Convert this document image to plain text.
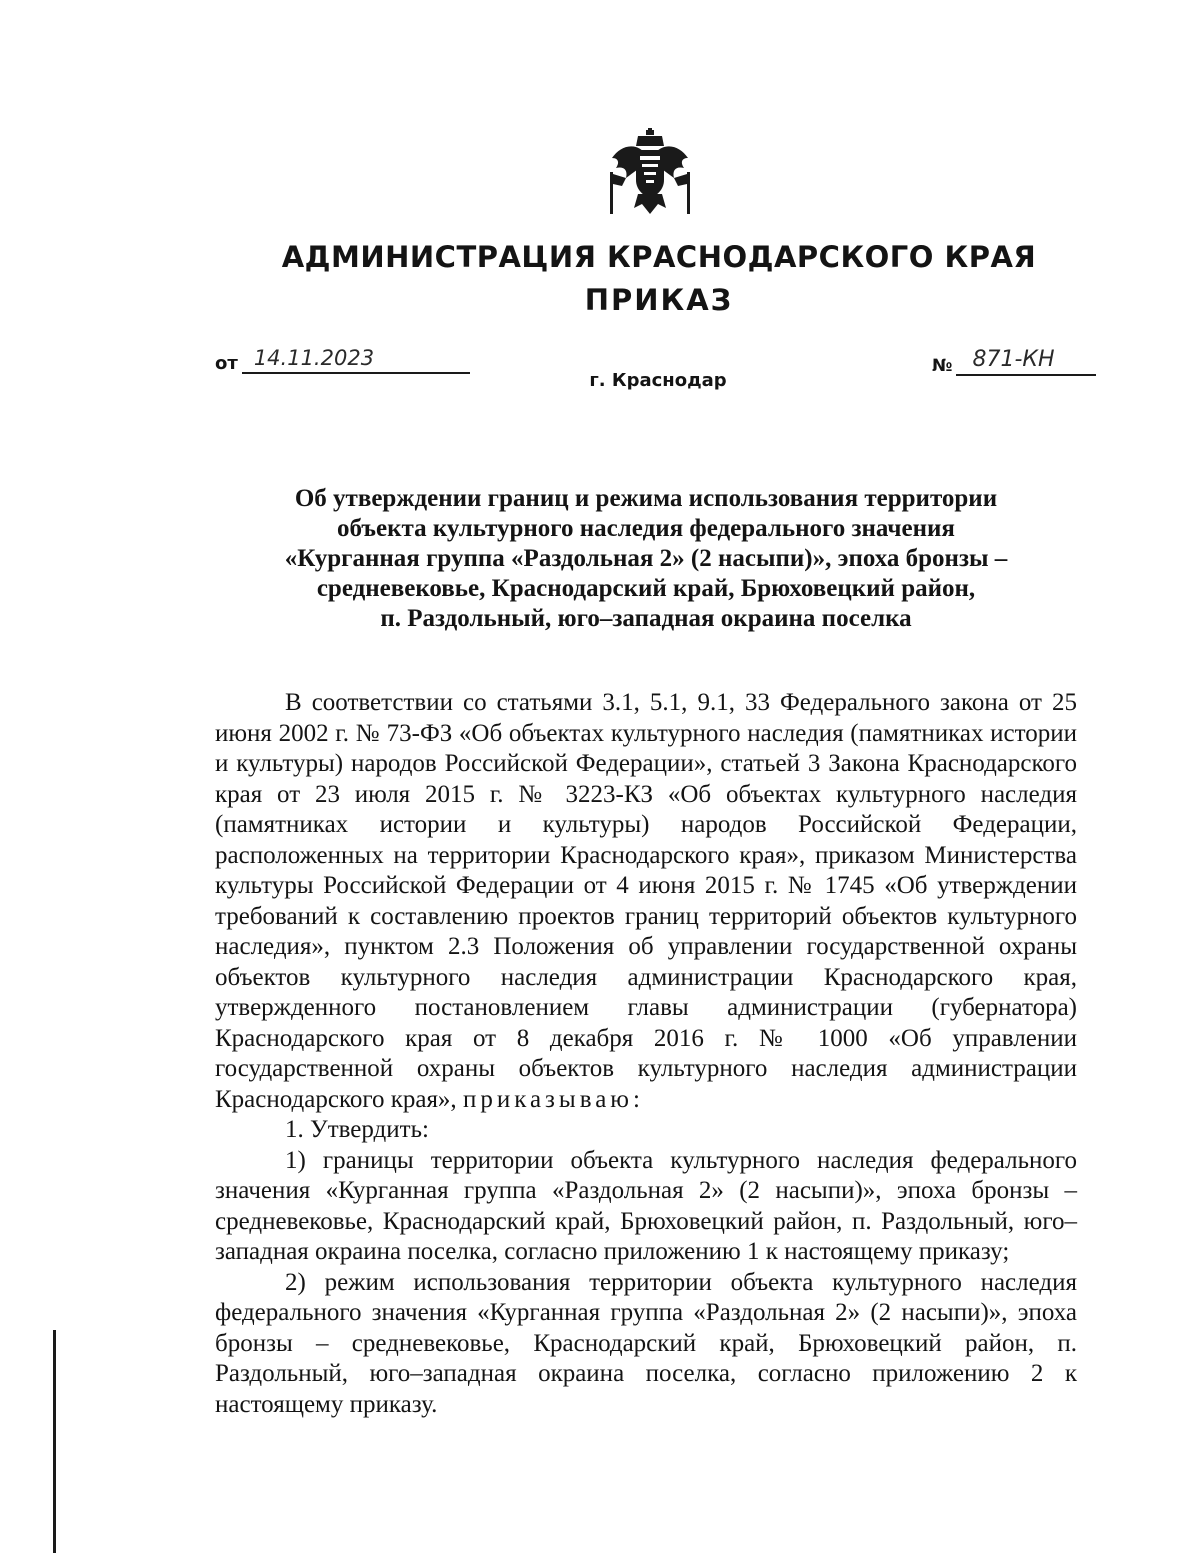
АДМИНИСТРАЦИЯ КРАСНОДАРСКОГО КРАЯ
ПРИКАЗ
от 14.11.2023	№ 871-КН
г. Краснодар
Об утверждении границ и режима использования территории
объекта культурного наследия федерального значения
«Курганная группа «Раздольная 2» (2 насыпи)», эпоха бронзы –
средневековье, Краснодарский край, Брюховецкий район,
п. Раздольный, юго–западная окраина поселка

В соответствии со статьями 3.1, 5.1, 9.1, 33 Федерального закона от 25 июня 2002 г. № 73-ФЗ «Об объектах культурного наследия (памятниках истории и культуры) народов Российской Федерации», статьей 3 Закона Краснодарского края от 23 июля 2015 г. № 3223-КЗ «Об объектах культурного наследия (памятниках истории и культуры) народов Российской Федерации, расположенных на территории Краснодарского края», приказом Министерства культуры Российской Федерации от 4 июня 2015 г. № 1745 «Об утверждении требований к составлению проектов границ территорий объектов культурного наследия», пунктом 2.3 Положения об управлении государственной охраны объектов культурного наследия администрации Краснодарского края, утвержденного постановлением главы администрации (губернатора) Краснодарского края от 8 декабря 2016 г. № 1000 «Об управлении государственной охраны объектов культурного наследия администрации Краснодарского края», приказываю:

1. Утвердить:

1) границы территории объекта культурного наследия федерального значения «Курганная группа «Раздольная 2» (2 насыпи)», эпоха бронзы – средневековье, Краснодарский край, Брюховецкий район, п. Раздольный, юго–западная окраина поселка, согласно приложению 1 к настоящему приказу;

2) режим использования территории объекта культурного наследия федерального значения «Курганная группа «Раздольная 2» (2 насыпи)», эпоха бронзы – средневековье, Краснодарский край, Брюховецкий район, п. Раздольный, юго–западная окраина поселка, согласно приложению 2 к настоящему приказу.
